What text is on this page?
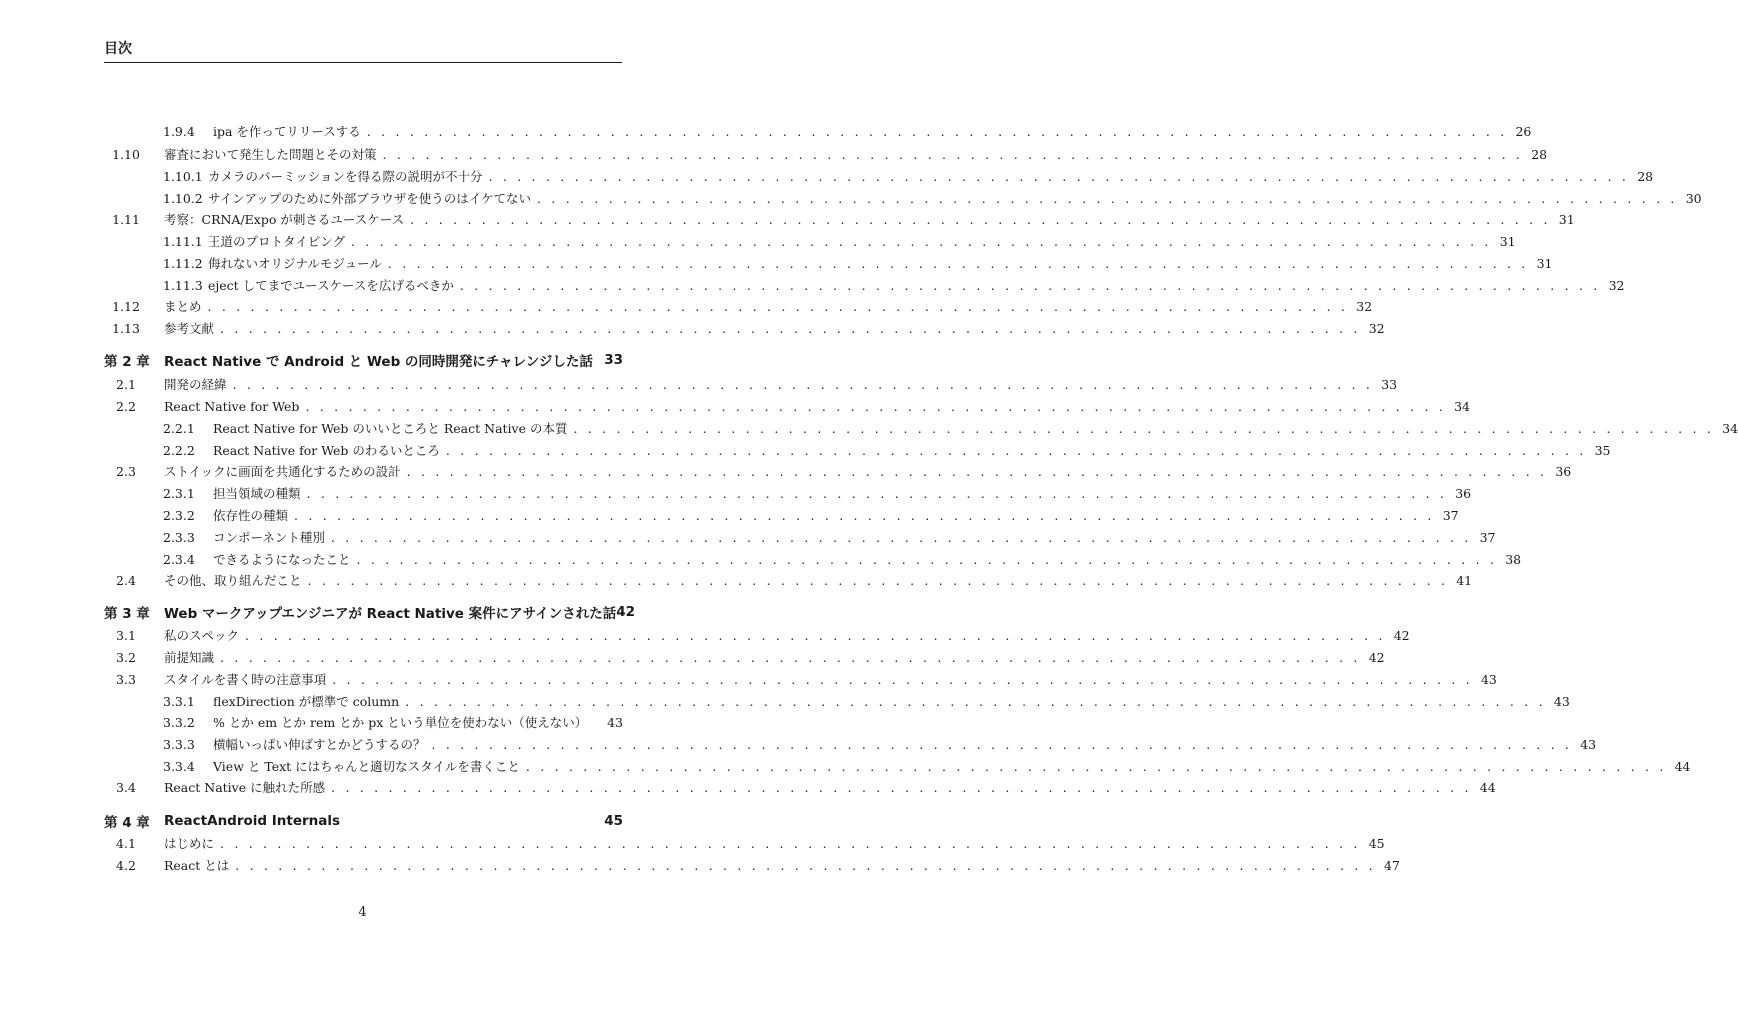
目次
1.9.4	ipa を作ってリリースする . . . . . . . . . . . . . . . . . . . . . . . . . . . . . . . . . . . . . . . . . . . . . . . . . . . . . . . . . . . . . . . . . . . . . . . . . . . . . . . . 26
1.10	審査において発生した問題とその対策 . . . . . . . . . . . . . . . . . . . . . . . . . . . . . . . . . . . . . . . . . . . . . . . . . . . . . . . . . . . . . . . . . . . . . . . . . . . . . . . . 28
1.10.1 カメラのパーミッションを得る際の説明が不十分 . . . . . . . . . . . . . . . . . . . . . . . . . . . . . . . . . . . . . . . . . . . . . . . . . . . . . . . . . . . . . . . . . . . . . . . . . . . . . . . . 28
1.10.2 サインアップのために外部ブラウザを使うのはイケてない . . . . . . . . . . . . . . . . . . . . . . . . . . . . . . . . . . . . . . . . . . . . . . . . . . . . . . . . . . . . . . . . . . . . . . . . . . . . . . . . 30
1.11	考察：CRNA/Expo が刺さるユースケース . . . . . . . . . . . . . . . . . . . . . . . . . . . . . . . . . . . . . . . . . . . . . . . . . . . . . . . . . . . . . . . . . . . . . . . . . . . . . . . . 31
1.11.1 王道のプロトタイピング . . . . . . . . . . . . . . . . . . . . . . . . . . . . . . . . . . . . . . . . . . . . . . . . . . . . . . . . . . . . . . . . . . . . . . . . . . . . . . . . 31
1.11.2 侮れないオリジナルモジュール . . . . . . . . . . . . . . . . . . . . . . . . . . . . . . . . . . . . . . . . . . . . . . . . . . . . . . . . . . . . . . . . . . . . . . . . . . . . . . . . 31
1.11.3 eject してまでユースケースを広げるべきか . . . . . . . . . . . . . . . . . . . . . . . . . . . . . . . . . . . . . . . . . . . . . . . . . . . . . . . . . . . . . . . . . . . . . . . . . . . . . . . . 32
1.12	まとめ . . . . . . . . . . . . . . . . . . . . . . . . . . . . . . . . . . . . . . . . . . . . . . . . . . . . . . . . . . . . . . . . . . . . . . . . . . . . . . . . 32
1.13	参考文献 . . . . . . . . . . . . . . . . . . . . . . . . . . . . . . . . . . . . . . . . . . . . . . . . . . . . . . . . . . . . . . . . . . . . . . . . . . . . . . . . 32
第 2 章	React Native で Android と Web の同時開発にチャレンジした話 33
2.1	開発の経緯 . . . . . . . . . . . . . . . . . . . . . . . . . . . . . . . . . . . . . . . . . . . . . . . . . . . . . . . . . . . . . . . . . . . . . . . . . . . . . . . . 33
2.2	React Native for Web . . . . . . . . . . . . . . . . . . . . . . . . . . . . . . . . . . . . . . . . . . . . . . . . . . . . . . . . . . . . . . . . . . . . . . . . . . . . . . . . 34
2.2.1	React Native for Web のいいところと React Native の本質 . . . . . . . . . . . . . . . . . . . . . . . . . . . . . . . . . . . . . . . . . . . . . . . . . . . . . . . . . . . . . . . . . . . . . . . . . . . . . . . . 34
2.2.2	React Native for Web のわるいところ . . . . . . . . . . . . . . . . . . . . . . . . . . . . . . . . . . . . . . . . . . . . . . . . . . . . . . . . . . . . . . . . . . . . . . . . . . . . . . . . 35
2.3	ストイックに画面を共通化するための設計 . . . . . . . . . . . . . . . . . . . . . . . . . . . . . . . . . . . . . . . . . . . . . . . . . . . . . . . . . . . . . . . . . . . . . . . . . . . . . . . . 36
2.3.1	担当領域の種類 . . . . . . . . . . . . . . . . . . . . . . . . . . . . . . . . . . . . . . . . . . . . . . . . . . . . . . . . . . . . . . . . . . . . . . . . . . . . . . . . 36
2.3.2	依存性の種類 . . . . . . . . . . . . . . . . . . . . . . . . . . . . . . . . . . . . . . . . . . . . . . . . . . . . . . . . . . . . . . . . . . . . . . . . . . . . . . . . 37
2.3.3	コンポーネント種別 . . . . . . . . . . . . . . . . . . . . . . . . . . . . . . . . . . . . . . . . . . . . . . . . . . . . . . . . . . . . . . . . . . . . . . . . . . . . . . . . 37
2.3.4	できるようになったこと . . . . . . . . . . . . . . . . . . . . . . . . . . . . . . . . . . . . . . . . . . . . . . . . . . . . . . . . . . . . . . . . . . . . . . . . . . . . . . . . 38
2.4	その他、取り組んだこと . . . . . . . . . . . . . . . . . . . . . . . . . . . . . . . . . . . . . . . . . . . . . . . . . . . . . . . . . . . . . . . . . . . . . . . . . . . . . . . . 41
第 3 章	Web マークアップエンジニアが React Native 案件にアサインされた話 42
3.1	私のスペック . . . . . . . . . . . . . . . . . . . . . . . . . . . . . . . . . . . . . . . . . . . . . . . . . . . . . . . . . . . . . . . . . . . . . . . . . . . . . . . . 42
3.2	前提知識 . . . . . . . . . . . . . . . . . . . . . . . . . . . . . . . . . . . . . . . . . . . . . . . . . . . . . . . . . . . . . . . . . . . . . . . . . . . . . . . . 42
3.3	スタイルを書く時の注意事項 . . . . . . . . . . . . . . . . . . . . . . . . . . . . . . . . . . . . . . . . . . . . . . . . . . . . . . . . . . . . . . . . . . . . . . . . . . . . . . . . 43
3.3.1	flexDirection が標準で column . . . . . . . . . . . . . . . . . . . . . . . . . . . . . . . . . . . . . . . . . . . . . . . . . . . . . . . . . . . . . . . . . . . . . . . . . . . . . . . . 43
3.3.2	% とか em とか rem とか px という単位を使わない（使えない）	43
3.3.3	横幅いっぱい伸ばすとかどうするの？ . . . . . . . . . . . . . . . . . . . . . . . . . . . . . . . . . . . . . . . . . . . . . . . . . . . . . . . . . . . . . . . . . . . . . . . . . . . . . . . . 43
3.3.4	View と Text にはちゃんと適切なスタイルを書くこと . . . . . . . . . . . . . . . . . . . . . . . . . . . . . . . . . . . . . . . . . . . . . . . . . . . . . . . . . . . . . . . . . . . . . . . . . . . . . . . . 44
3.4	React Native に触れた所感 . . . . . . . . . . . . . . . . . . . . . . . . . . . . . . . . . . . . . . . . . . . . . . . . . . . . . . . . . . . . . . . . . . . . . . . . . . . . . . . . 44
第 4 章	ReactAndroid Internals	45
4.1	はじめに . . . . . . . . . . . . . . . . . . . . . . . . . . . . . . . . . . . . . . . . . . . . . . . . . . . . . . . . . . . . . . . . . . . . . . . . . . . . . . . . 45
4.2	React とは . . . . . . . . . . . . . . . . . . . . . . . . . . . . . . . . . . . . . . . . . . . . . . . . . . . . . . . . . . . . . . . . . . . . . . . . . . . . . . . . 47
4
